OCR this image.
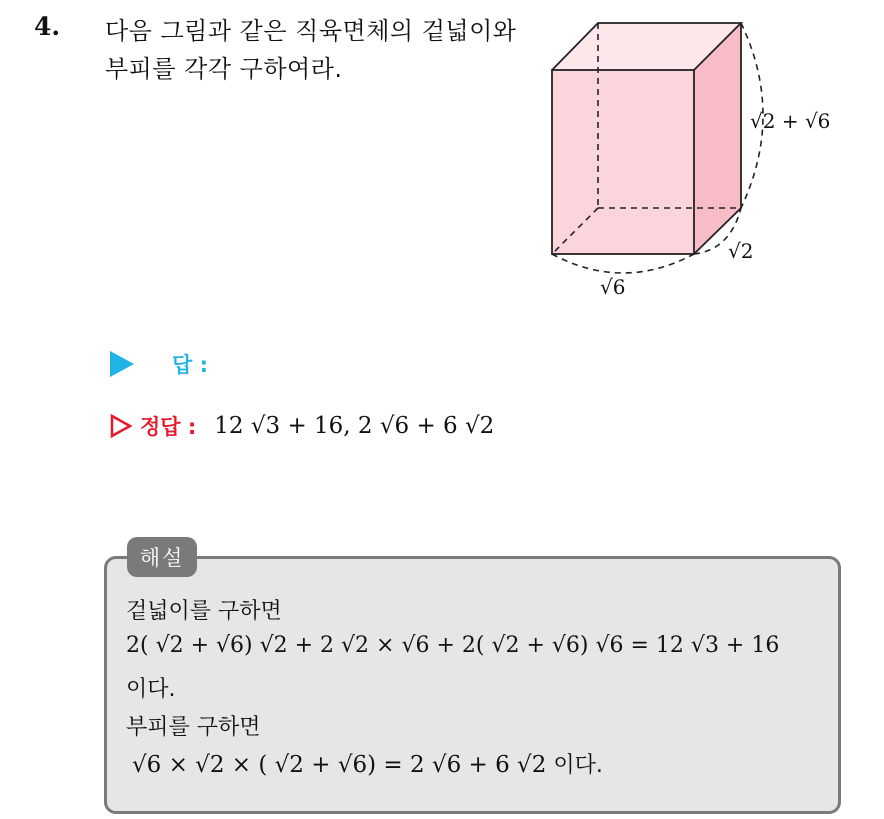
4. 다음 그림과 같은 직육면체의 겉넓이와 부피를 각각 구하여라.
√2 + √6
√2
√6
답 :
정답 : 12 √3 + 16, 2 √6 + 6 √2
해설
겉넓이를 구하면
2( √2 + √6) √2 + 2 √2 × √6 + 2( √2 + √6) √6 = 12 √3 + 16
이다.
부피를 구하면
√6 × √2 × ( √2 + √6) = 2 √6 + 6 √2 이다.
